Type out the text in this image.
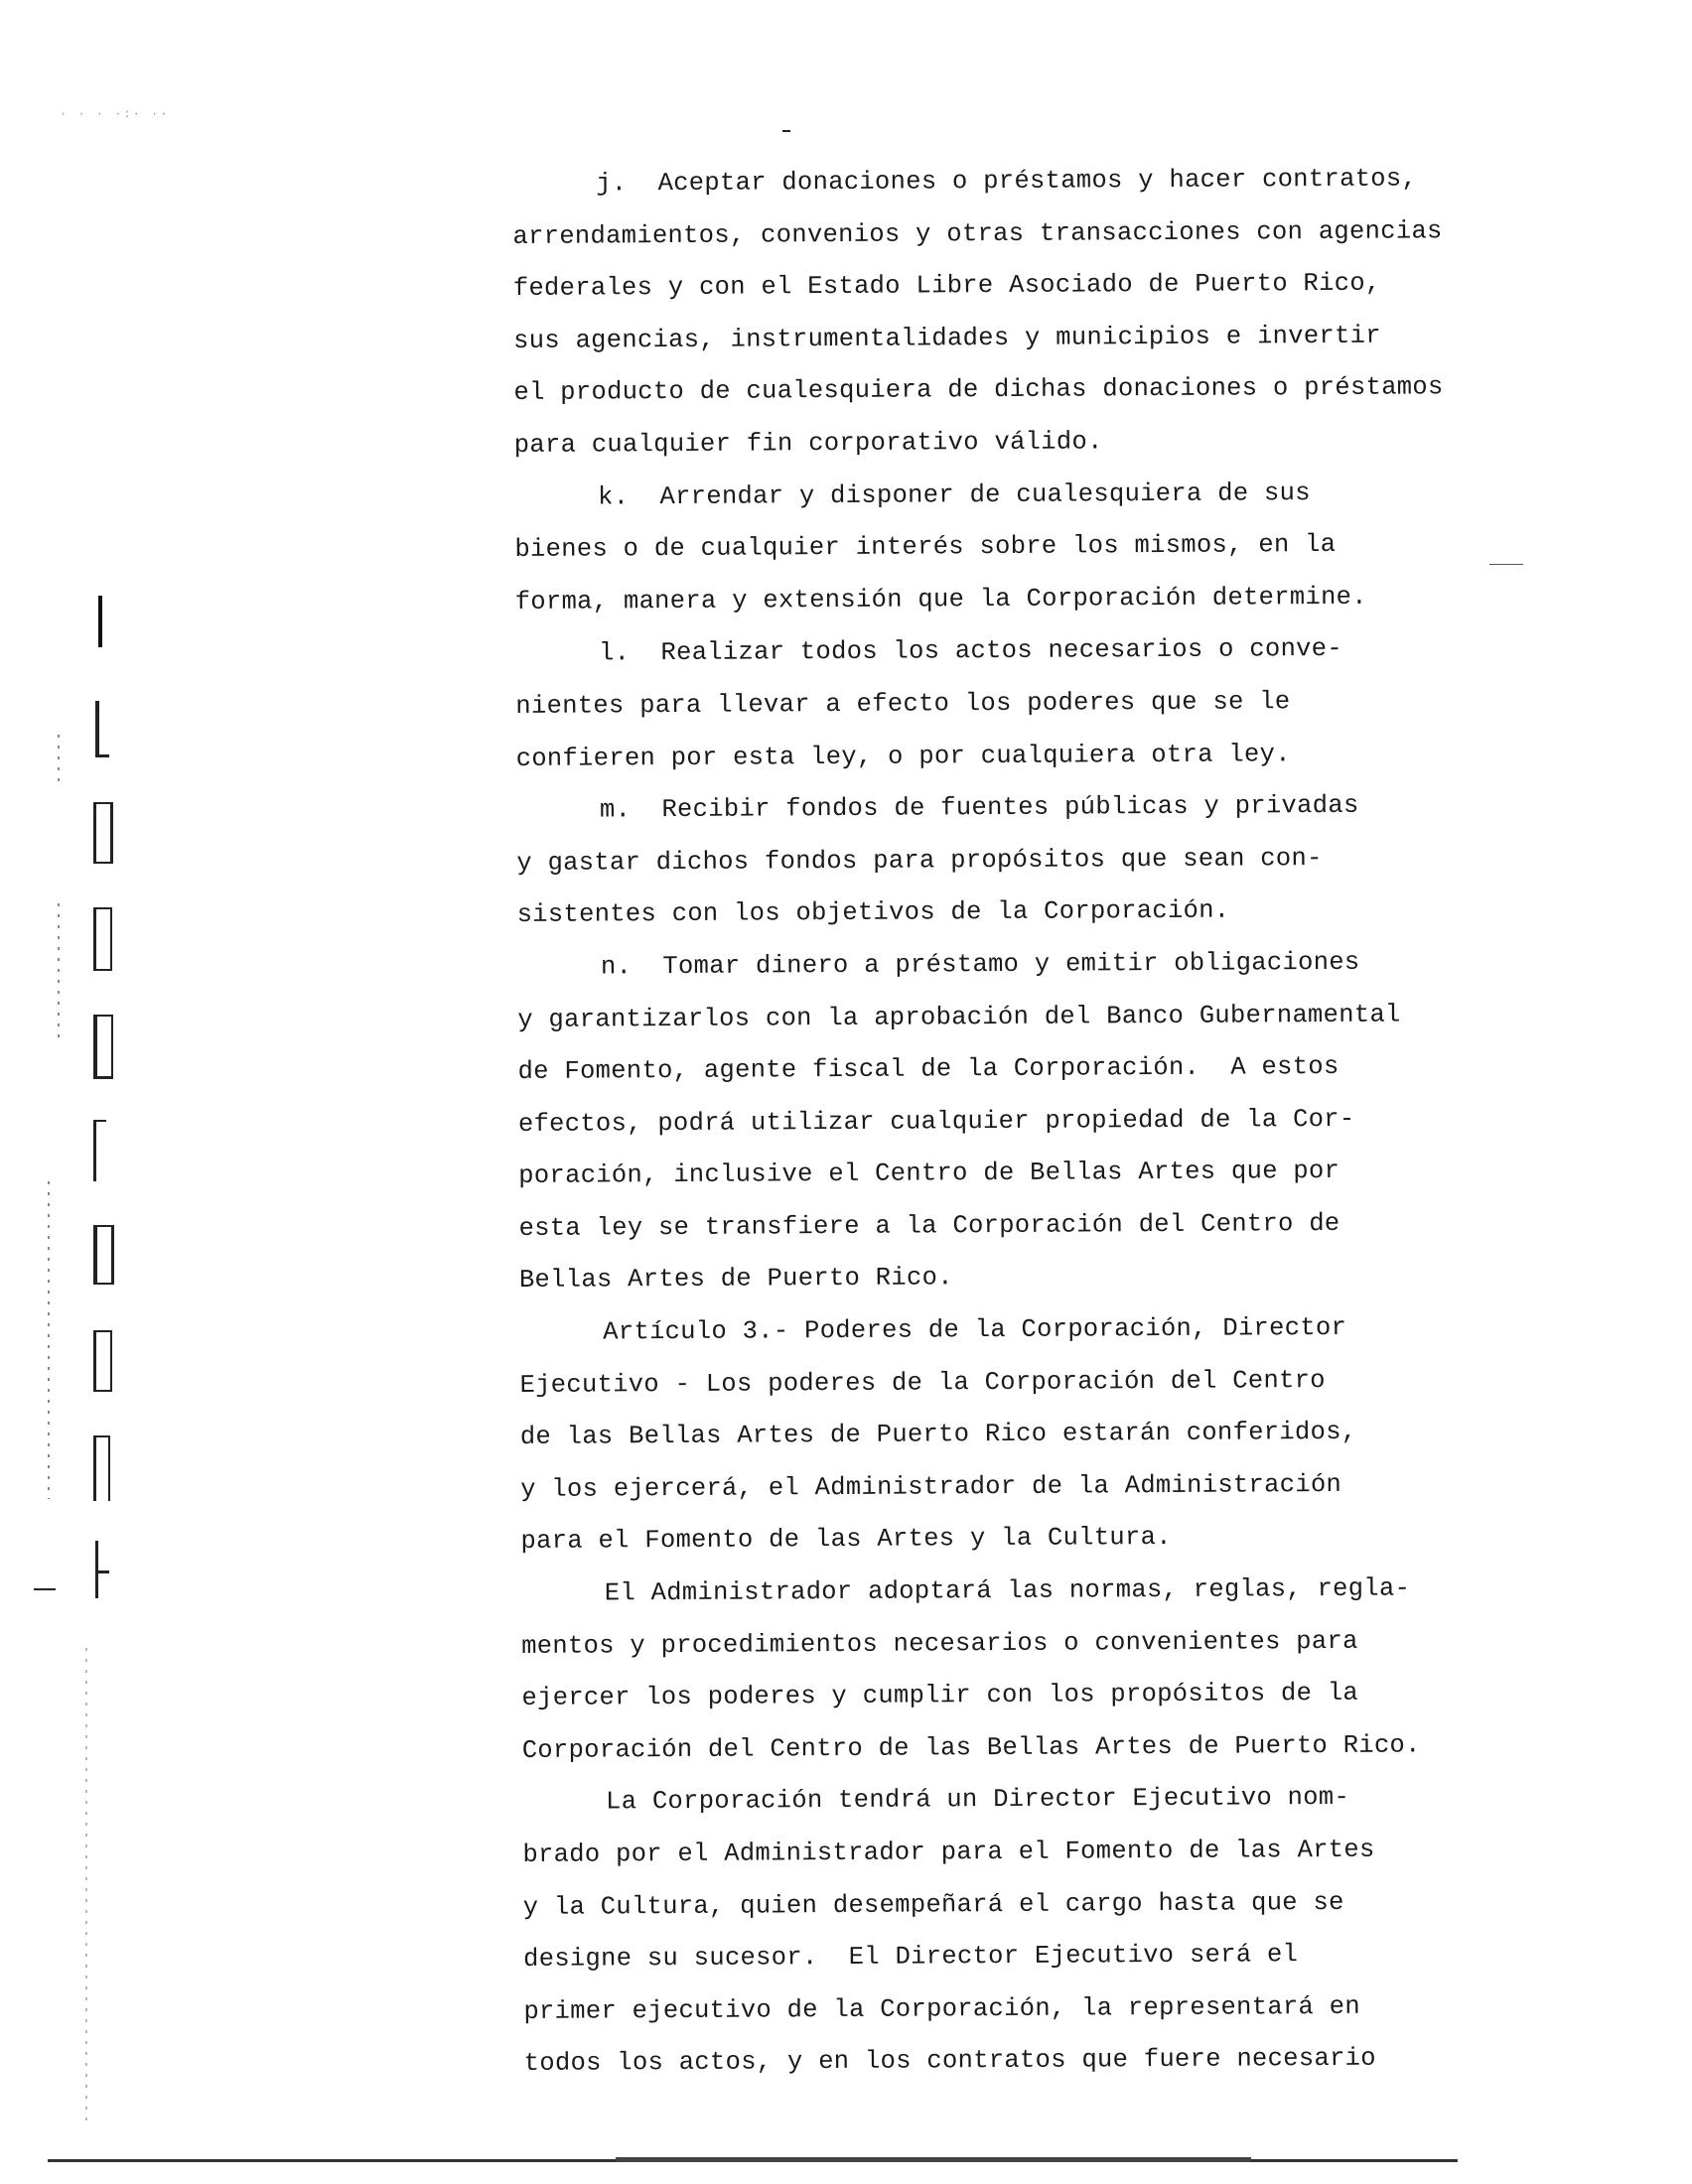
· · · ·:· ··
j.  Aceptar donaciones o préstamos y hacer contratos,
arrendamientos, convenios y otras transacciones con agencias
federales y con el Estado Libre Asociado de Puerto Rico,
sus agencias, instrumentalidades y municipios e invertir
el producto de cualesquiera de dichas donaciones o préstamos
para cualquier fin corporativo válido.
k.  Arrendar y disponer de cualesquiera de sus
bienes o de cualquier interés sobre los mismos, en la
forma, manera y extensión que la Corporación determine.
l.  Realizar todos los actos necesarios o conve-
nientes para llevar a efecto los poderes que se le
confieren por esta ley, o por cualquiera otra ley.
m.  Recibir fondos de fuentes públicas y privadas
y gastar dichos fondos para propósitos que sean con-
sistentes con los objetivos de la Corporación.
n.  Tomar dinero a préstamo y emitir obligaciones
y garantizarlos con la aprobación del Banco Gubernamental
de Fomento, agente fiscal de la Corporación.  A estos
efectos, podrá utilizar cualquier propiedad de la Cor-
poración, inclusive el Centro de Bellas Artes que por
esta ley se transfiere a la Corporación del Centro de
Bellas Artes de Puerto Rico.
Artículo 3.- Poderes de la Corporación, Director
Ejecutivo - Los poderes de la Corporación del Centro
de las Bellas Artes de Puerto Rico estarán conferidos,
y los ejercerá, el Administrador de la Administración
para el Fomento de las Artes y la Cultura.
El Administrador adoptará las normas, reglas, regla-
mentos y procedimientos necesarios o convenientes para
ejercer los poderes y cumplir con los propósitos de la
Corporación del Centro de las Bellas Artes de Puerto Rico.
La Corporación tendrá un Director Ejecutivo nom-
brado por el Administrador para el Fomento de las Artes
y la Cultura, quien desempeñará el cargo hasta que se
designe su sucesor.  El Director Ejecutivo será el
primer ejecutivo de la Corporación, la representará en
todos los actos, y en los contratos que fuere necesario
